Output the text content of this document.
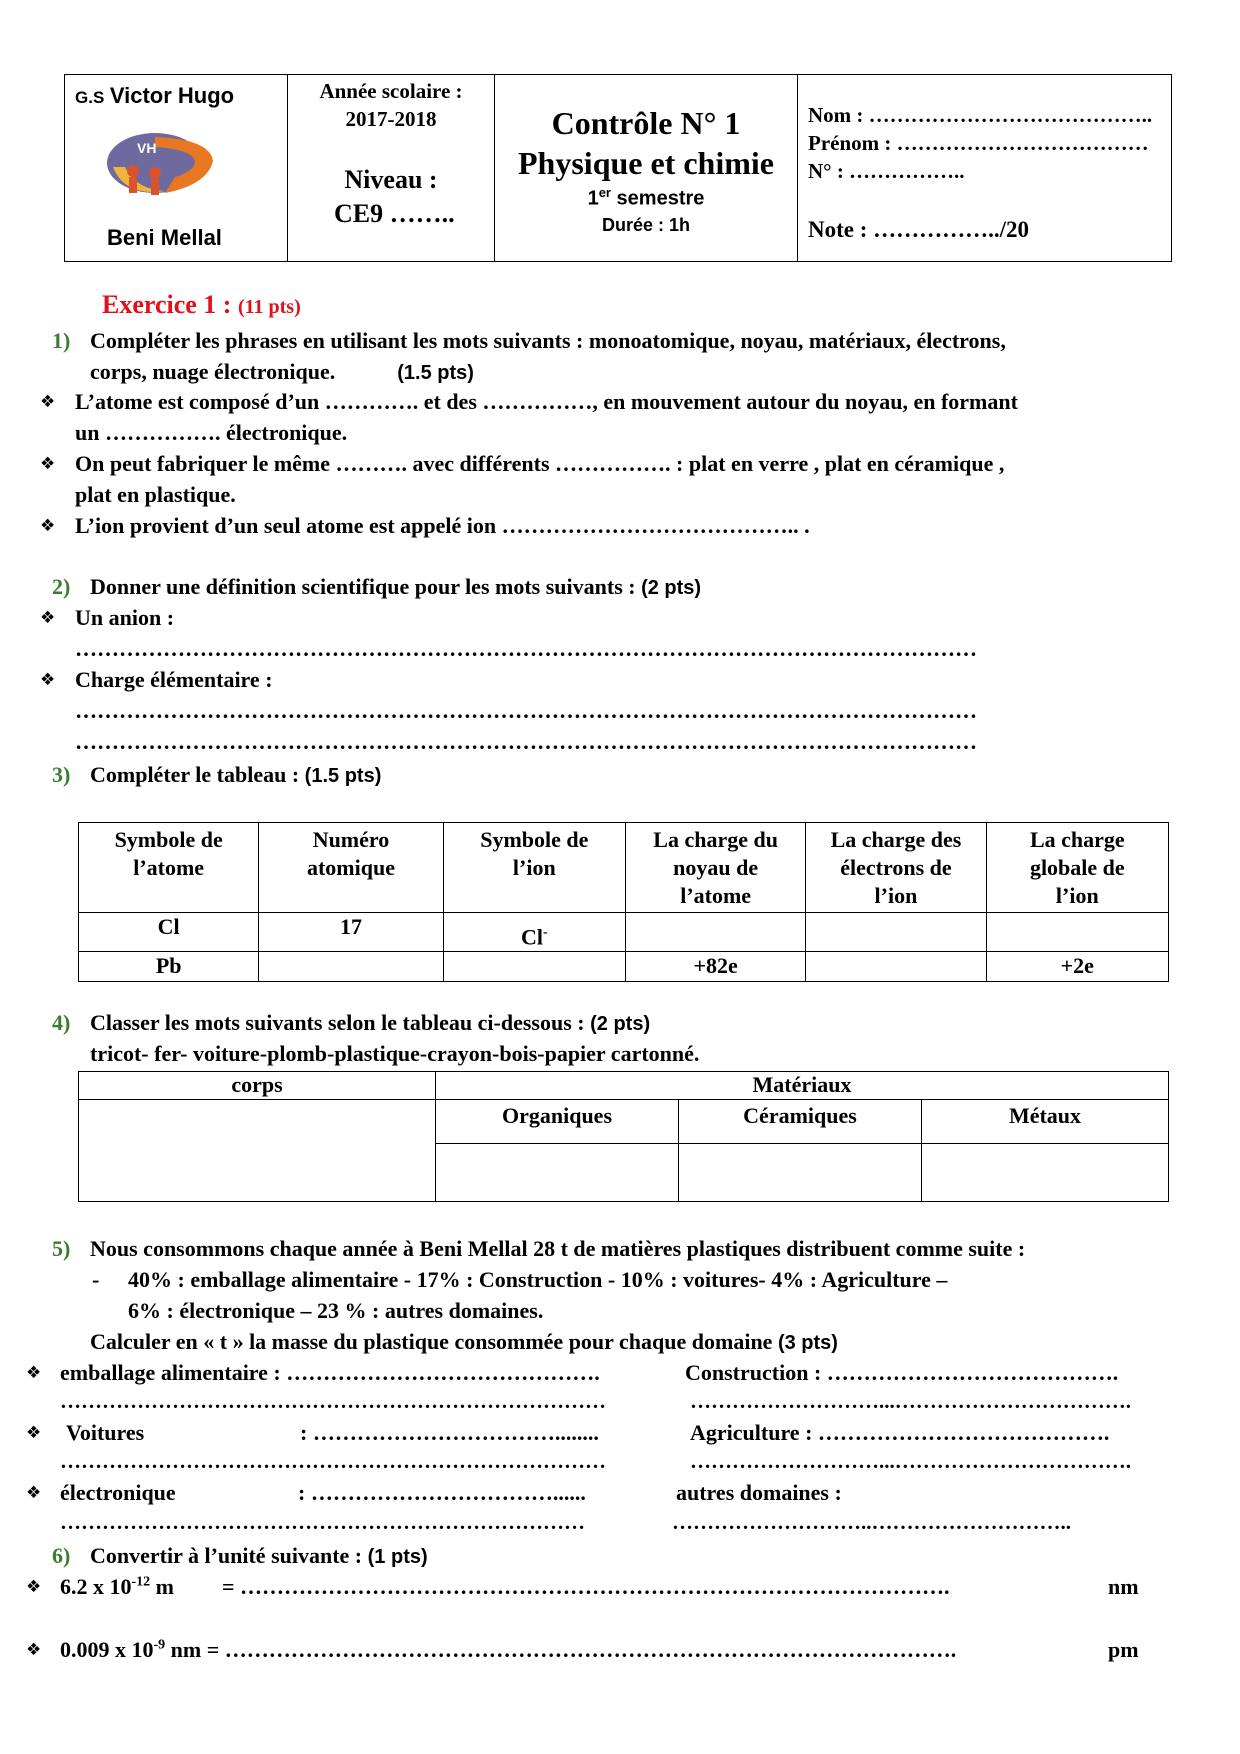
G.S Victor Hugo
VH
Beni Mellal
Année scolaire :
2017-2018
Niveau :
CE9 ……..
Contrôle N° 1
Physique et chimie
1er semestre
Durée : 1h
Nom : …………………………………..
Prénom : ………………………………
N° : ……………..
Note : ……………../20
Exercice 1 : (11 pts)
1) Compléter les phrases en utilisant les mots suivants : monoatomique, noyau, matériaux, électrons,
corps, nuage électronique.	(1.5 pts)
❖ L’atome est composé d’un …………. et des ……………, en mouvement autour du noyau, en formant
un ……………. électronique.
❖ On peut fabriquer le même ………. avec différents ……………. : plat en verre , plat en céramique ,
plat en plastique.
❖ L’ion provient d’un seul atome est appelé ion ………………………………….. .
2) Donner une définition scientifique pour les mots suivants : (2 pts)
❖ Un anion :
……………………………………………………………………………………………………………
❖ Charge élémentaire :
……………………………………………………………………………………………………………
……………………………………………………………………………………………………………
3) Compléter le tableau : (1.5 pts)
Symbole de
l’atome	Numéro
atomique	Symbole de
l’ion	La charge du
noyau de
l’atome	La charge des
électrons de
l’ion	La charge
globale de
l’ion
Cl	17	Cl-			
Pb			+82e		+2e
4) Classer les mots suivants selon le tableau ci-dessous : (2 pts)
tricot- fer- voiture-plomb-plastique-crayon-bois-papier cartonné.
corps	Matériaux		
	Organiques	Céramiques	Métaux

5) Nous consommons chaque année à Beni Mellal 28 t de matières plastiques distribuent comme suite :
- 40% : emballage alimentaire - 17% : Construction - 10% : voitures- 4% : Agriculture –
6% : électronique – 23 % : autres domaines.
Calculer en « t » la masse du plastique consommée pour chaque domaine (3 pts)
❖ emballage alimentaire : …………………………………….	Construction : ………………………………….
……………………………………………………………………	………………………...…………………………….
❖ Voitures	: ……………………………........	Agriculture : ………………………………….
……………………………………………………………………	………………………...…………………………….
❖ électronique	: ……………………………......	autres domaines :
…………………………………………………………………	………………………..………………………..
6) Convertir à l’unité suivante : (1 pts)
❖ 6.2 x $10^{-12}$ m = …………………………………………………………………………………….	nm
❖ 0.009 x $10^{-9}$ nm = ……………………………………………………………………………………….	pm
